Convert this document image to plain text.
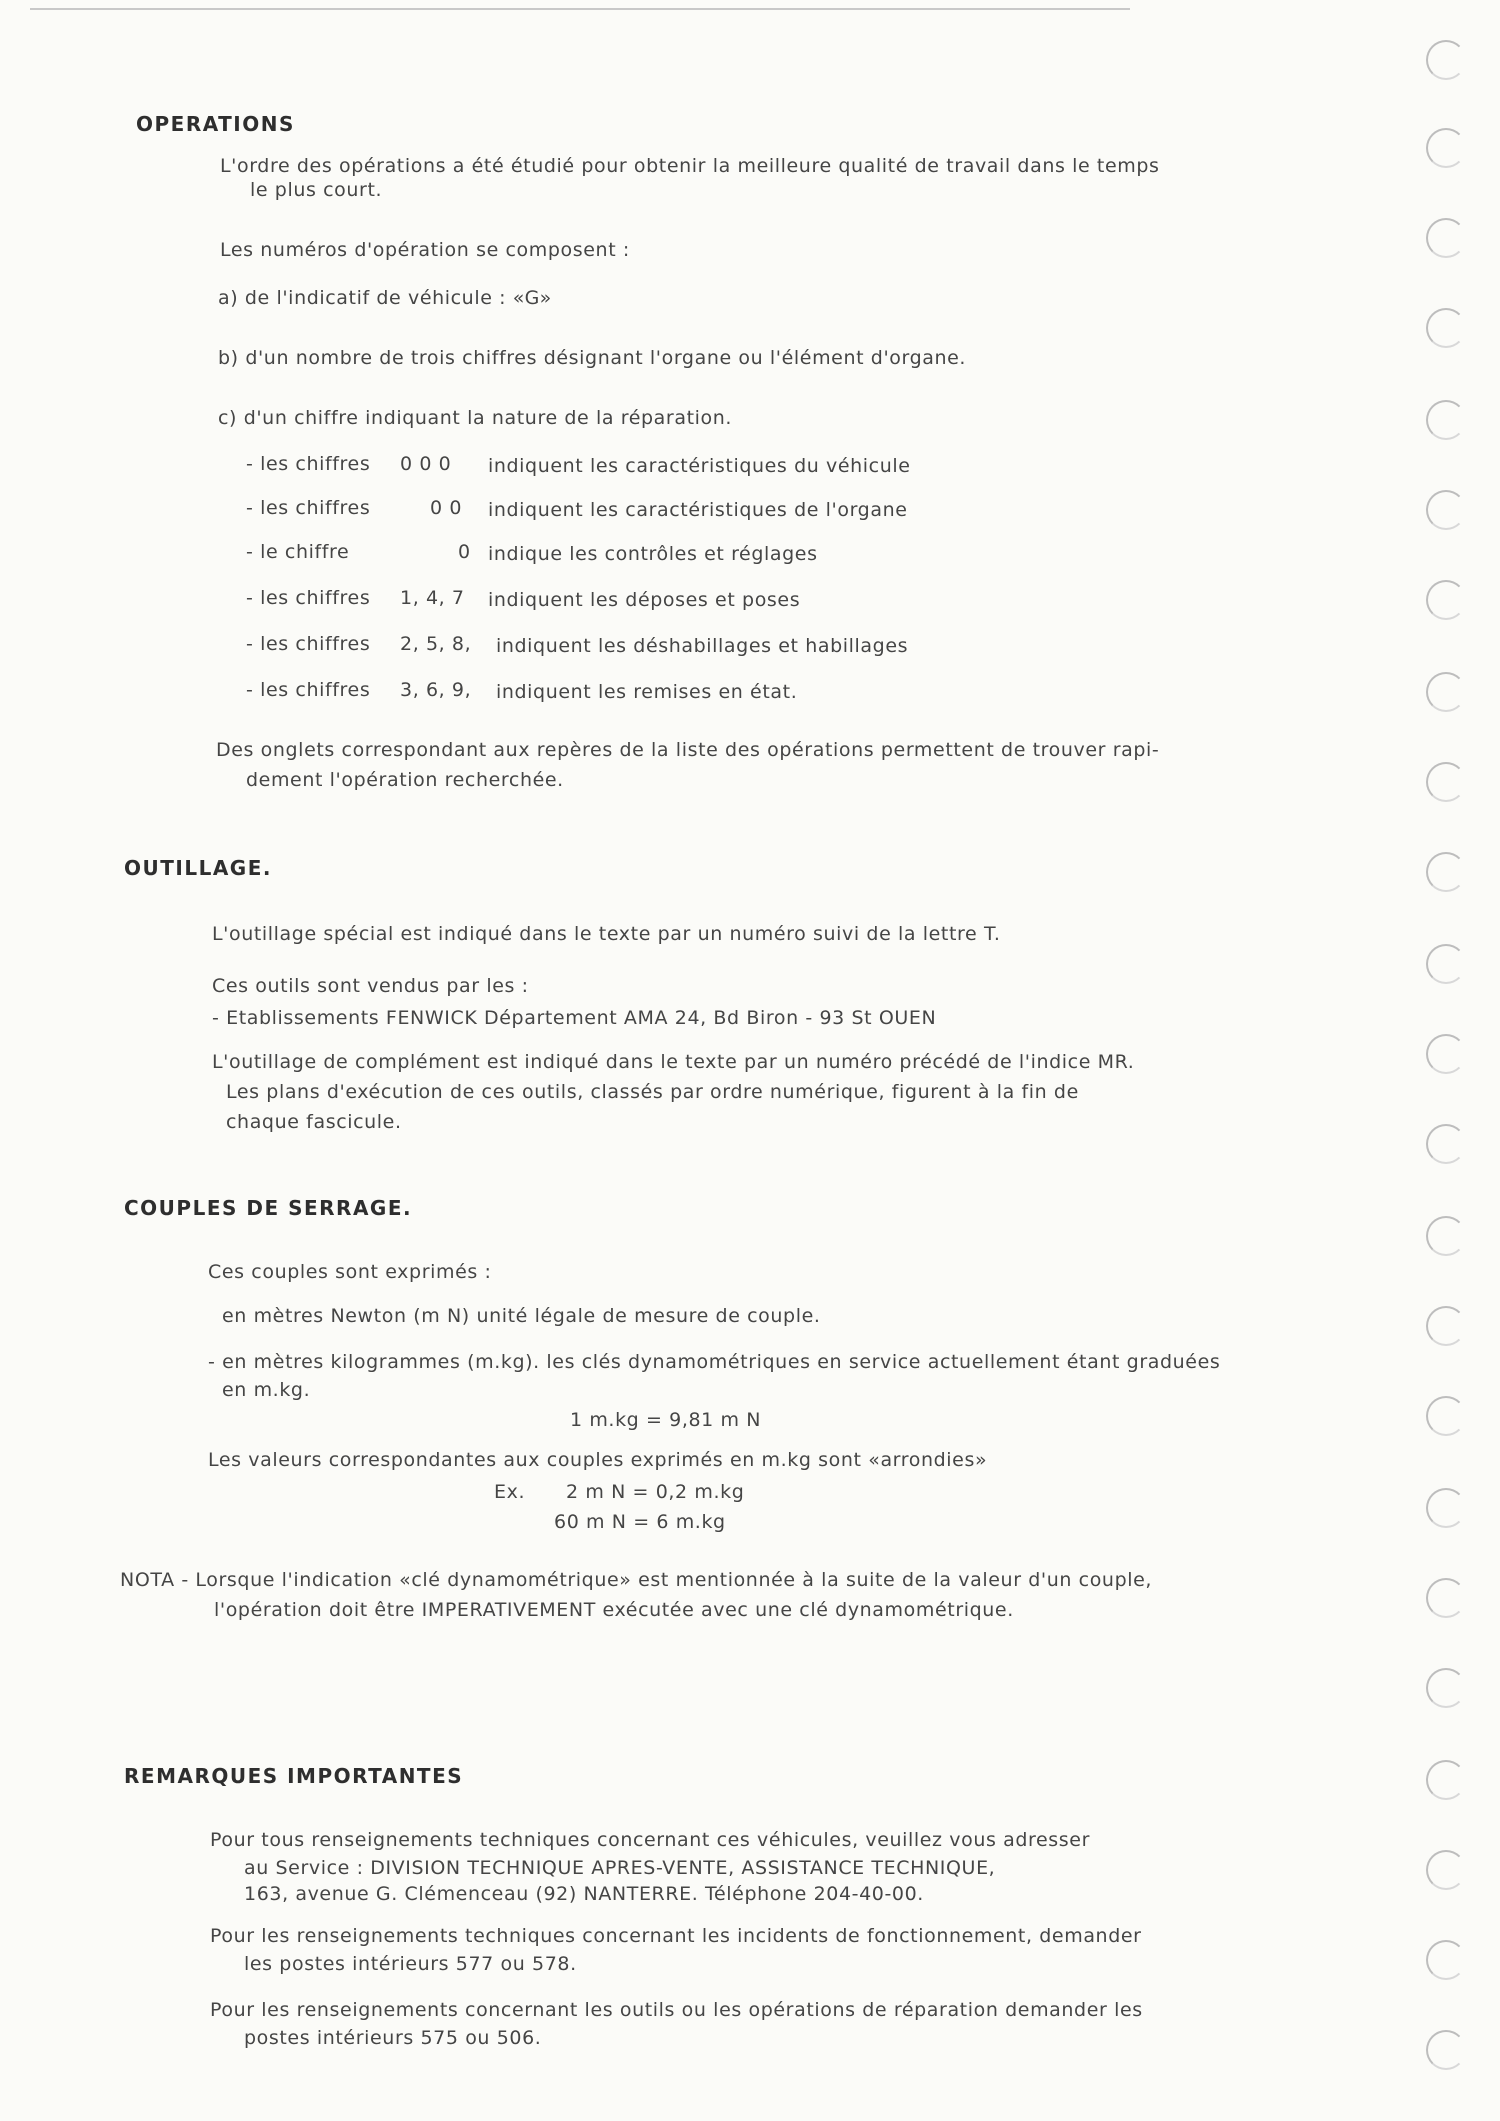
OPERATIONS
L'ordre des opérations a été étudié pour obtenir la meilleure qualité de travail dans le temps
le plus court.
Les numéros d'opération se composent :
a) de l'indicatif de véhicule : «G»
b) d'un nombre de trois chiffres désignant l'organe ou l'élément d'organe.
c) d'un chiffre indiquant la nature de la réparation.
- les chiffres 0 0 0 indiquent les caractéristiques du véhicule
- les chiffres	0 0 indiquent les caractéristiques de l'organe
- le chiffre	0 indique les contrôles et réglages
- les chiffres 1, 4, 7 indiquent les déposes et poses
- les chiffres 2, 5, 8, indiquent les déshabillages et habillages
- les chiffres 3, 6, 9, indiquent les remises en état.
Des onglets correspondant aux repères de la liste des opérations permettent de trouver rapi-
dement l'opération recherchée.
OUTILLAGE.
L'outillage spécial est indiqué dans le texte par un numéro suivi de la lettre T.
Ces outils sont vendus par les :
- Etablissements FENWICK Département AMA 24, Bd Biron - 93 St OUEN
L'outillage de complément est indiqué dans le texte par un numéro précédé de l'indice MR.
Les plans d'exécution de ces outils, classés par ordre numérique, figurent à la fin de
chaque fascicule.
COUPLES DE SERRAGE.
Ces couples sont exprimés :
en mètres Newton (m N) unité légale de mesure de couple.
- en mètres kilogrammes (m.kg). les clés dynamométriques en service actuellement étant graduées
en m.kg.
1 m.kg = 9,81 m N
Les valeurs correspondantes aux couples exprimés en m.kg sont «arrondies»
Ex. 2 m N = 0,2 m.kg
60 m N = 6 m.kg
NOTA - Lorsque l'indication «clé dynamométrique» est mentionnée à la suite de la valeur d'un couple,
l'opération doit être IMPERATIVEMENT exécutée avec une clé dynamométrique.
REMARQUES IMPORTANTES
Pour tous renseignements techniques concernant ces véhicules, veuillez vous adresser
au Service : DIVISION TECHNIQUE APRES-VENTE, ASSISTANCE TECHNIQUE,
163, avenue G. Clémenceau (92) NANTERRE. Téléphone 204-40-00.
Pour les renseignements techniques concernant les incidents de fonctionnement, demander
les postes intérieurs 577 ou 578.
Pour les renseignements concernant les outils ou les opérations de réparation demander les
postes intérieurs 575 ou 506.
